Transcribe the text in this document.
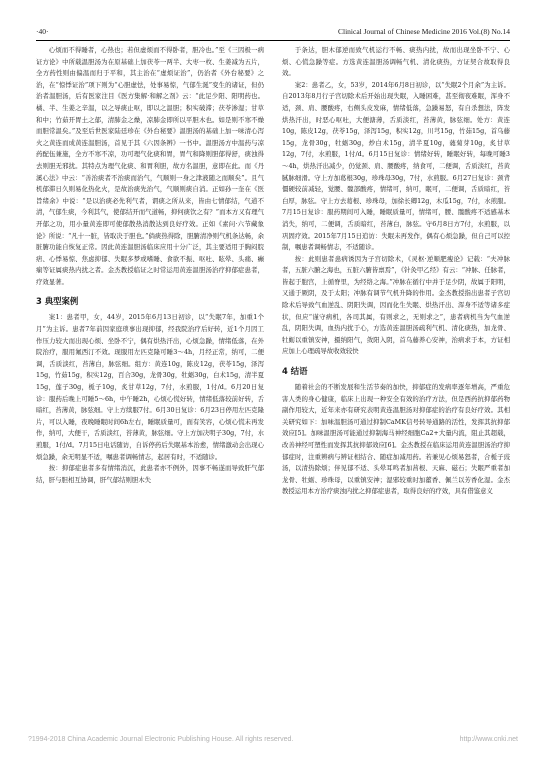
·40·	Clinical Journal of Chinese Medicine 2016 Vol.(8) No.14

心烦而不得睡者，心热也；若但虚烦而不得卧者，胆冷也。”至《三因极一病证方论》中所载温胆汤为在原基础上加茯苓一两半、大枣一枚、生姜减为五片，全方药性则由偏温而归于平和，其主治在“虚烦证治”，仍治者《外台秘要》之治，在“惊悸证治”项下则为“心胆虚怯，处事易惊，气郁生涎”变生的诸证，但仍治者温胆汤，后有医家注目《医方集解·和解之剂》云：“此足少阳、阳明药也。橘、半、生姜之辛温，以之导痰止呕，即以之温胆；积实破滞；茯苓渗湿；甘草和中；竹茹开胃土之郁，清肺金之燥，凉肺金即所以平胆木也。如是则不寒不燥而胆常温矣。”及至后世医家陆廷珍在《外台秘要》温胆汤的基础上加一味清心泻火之黄连而成黄连温胆汤，首见于其《六因条辨》一书中。温胆汤方中温药与凉药配伍兼施，全方不寒不凉，功可理气化痰和胃，胃气和降则胆郁得舒，痰浊得去则胆无邪扰。其特点为理气化痰、和胃利胆，故方名温胆，意即在此。而《丹溪心法》中云：“善治痰者不治痰而治气，气顺则一身之津液随之而顺矣”。且气机郁滞日久则易化热化火，是故治痰先治气，气顺则痰自消。正如孙一奎在《医旨绪余》中说：“是以治痰必先利气者，谓痰之所从来，皆由七情郁结，气道不清，气郁生痰，今利其气，使郁结开而气道畅，抑何痰饮之有？”而本方又有理气开郁之功，用小量黄连即可使郁散热消散达到良好疗效。正如《素问·六节藏象论》所说：“凡十一脏，皆取决于胆也。”倘痰热得除，胆腑清净则气机条达畅，余脏腑功能自恢复正常。因此黄连温胆汤临床应用十分广泛，其主要适用于胸闷脘痞、心悸易惊、焦虑抑郁、失眠多梦或嗜睡、食欲不振、呕吐、眩晕、头痛、癫痫等证属痰热内扰之者。金杰教授临证之时常运用黄连温胆汤治疗抑郁症患者，疗效显著。

3 典型案例

案1：患者甲，女，44岁，2015年6月13日初诊，以“失眠7年，加重1个月”为主诉。患者7年前因家庭琐事出现抑郁，经我院治疗后好转，近1个月因工作压力较大而出现心烦、坐卧不宁，偶有烘热汗出，心烦急躁，情绪低落，在外院治疗，服用氟西汀不效。现服用左匹克隆可睡3～4h，月经正常，纳可，二便调，舌质淡红，苔薄白，脉弦细。组方：黄连10g，陈皮12g，茯苓15g，泽泻15g，竹茹15g，积实12g，百合30g，龙骨30g，牡蛎30g，白术15g，清半夏15g，莲子30g，栀子10g，炙甘草12g，7付，水煎服，1付/d。6月20日复诊：服药后晚上可睡5～6h，中午睡2h，心烦心慌好转，情绪低落较前好转，舌暗红，苔薄黄，脉弦细。守上方续服7付。6月30日复诊：6月23日停用左匹克隆片，可以入睡，夜晚睡眠时间6h左右，睡眠质量可，面有笑容，心烦心慌未再发作，纳可，大便干，舌质淡红，苔薄黄，脉弦细。守上方加决明子30g，7付，水煎服，1付/d。7月15日电话随访，自诉停药后失眠基本治愈，情绪激动会出现心烦急躁，余无明显不适，嘱患者调畅情志，起居有时，不适随诊。

按：抑郁症患者多有情绪消沉，此患者亦不例外，因事不畅遂而导致肝气郁结，肝与胆相互协调，肝气郁结则胆木失

于条达，胆木郁逆而致气机运行不畅、痰热内扰，故而出现坐卧不宁、心烦、心慌急躁等症。方选黄连温胆汤调畅气机、清化痰热，方证契合故取得良效。

案2：患者乙，女，53岁，2014年6月8日初诊，以“失眠2个月余”为主诉。自2013年8月行子宫切除术后开始出现失眠，入睡困难，甚至彻夜难眠，浑身不适，颈、肩、腰酸疼，右侧头皮发麻，情绪低落，急躁易怒，有自杀想法，阵发烘热汗出，时恶心呕吐，大便溏薄，舌质淡红，苔薄黄，脉弦细。处方：黄连10g，陈皮12g，茯苓15g，泽泻15g，积实12g，川芎15g，竹茹15g，首乌藤15g，龙骨30g，牡蛎30g，炒白术15g，清半夏10g，蕤菊芽10g，炙甘草12g，7付，水煎服，1付/d。6月15日复诊：情绪好转，睡眠好转，每晚可睡3～4h，烘热汗出减少，仍觉颈、肩、腰酸疼，纳食可，二便调，舌质淡红，苔黄腻脉细滑。守上方加葛根30g，珍珠母30g，7付，水煎服。6月27日复诊：颈背僵硬较前减轻，觉腰、髋部酸疼，情绪可，纳可，眠可，二便调，舌质暗红，苔白厚，脉弦。守上方去葛根、珍珠母，加徐长卿12g，木瓜15g，7付，水煎服。7月15日复诊：服药期间可入睡，睡眠质量可，情绪可，腰、髋酸疼不适感基本消失，纳可，二便调，舌质暗红，苔薄白，脉弦。守6月8日方7付，水煎服，以巩固疗效。2015年7月15日追访：失眠未再发作，偶有心烦急躁，但自己可以控制，嘱患者调畅情志，不适随诊。

按：此则患者患病诱因为子宫切除术，《灵枢·逆顺肥瘦论》记载：“夫冲脉者，五脏六腑之海也，五脏六腑皆禀焉”，《针灸甲乙经》有云：“冲脉、任脉者，皆起于胞宫，上循脊里，为经络之海。”冲脉在循行中并于足少阴，故属于阳明，又通于厥阴，及于太阳；冲脉有调节气机升降的作用。金杰教授指出患者子宫切除术后导致气血逆乱、阴阳失调，因而化生失眠、烘热汗出、浑身不适等诸多症状，但应“谨守病机，各司其属，有则求之，无则求之”，患者病机当为气血逆乱，阴阳失调，血热内扰于心，方选黄连温胆汤疏利气机、清化痰热，加龙骨、牡蛎以重镇安神，摄纳阳气，敛阳入阴，首乌藤养心安神，治病求于本，方证相应加上心理疏导故收效较快

4 结语

随着社会的不断发展和生活节奏的加快，抑郁症的发病率逐年增高，严重危害人类的身心健康，临床上出现一种安全有效的治疗方法，但是西药抗抑郁药物副作用较大，近年来亦有研究表明黄连温胆汤对抑郁症的治疗有良好疗效。其相关研究如下：加味温胆汤可通过抑制CaMK信号转导通路的活性，发挥其抗抑郁效应[5]。加味温胆汤可能通过抑制海马神经细胞Ca2+大量内流，阻止其超载，改善神经可塑性而发挥其抗抑郁效应[6]。金杰教授在临床运用黄连温胆汤治疗抑郁症时，注重辨病与辨证相结合、随症加减用药。若兼见心烦易怒者，合栀子豉汤，以清热除烦；伴见郁不适、头晕耳鸣者加菖根、天麻、磁石；失眠严重者加龙骨、牡蛎、珍珠母，以重镇安神；湿邪较重时加藿香、佩兰以芳香化湿。金杰教授运用本方治疗痰浊内扰之抑郁症患者，取得良好的疗效，具有借鉴意义

?1994-2018 China Academic Journal Electronic Publishing House. All rights reserved.	http://www.cnki.net
